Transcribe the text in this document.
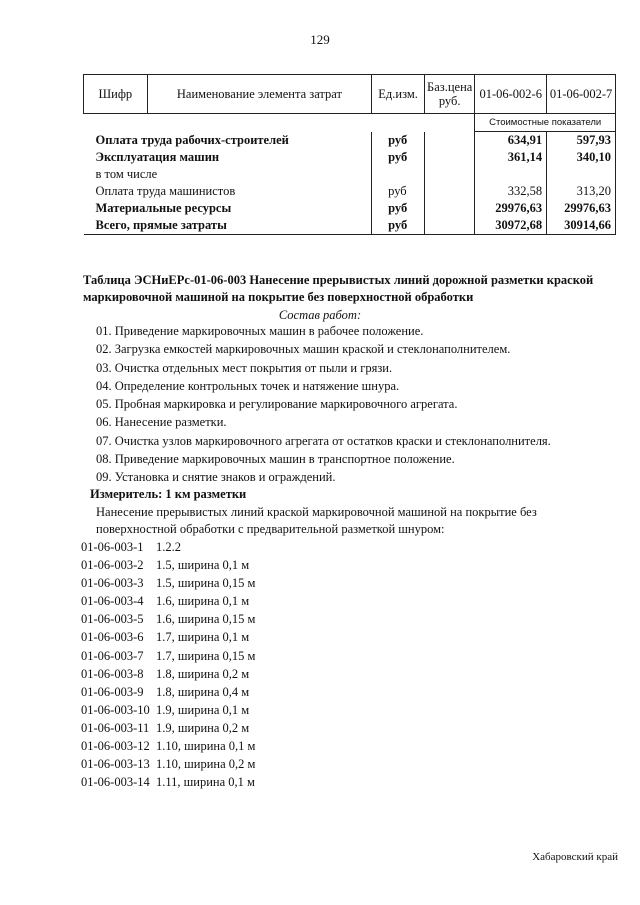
129
Шифр	Наименование элемента затрат	Ед.изм.	Баз.цена руб.	01-06-002-6	01-06-002-7
				Стоимостные показатели	
Оплата труда рабочих-строителей		руб		634,91	597,93
Эксплуатация машин		руб		361,14	340,10
в том числе					
Оплата труда машинистов		руб		332,58	313,20
Материальные ресурсы		руб		29976,63	29976,63
Всего, прямые затраты		руб		30972,68	30914,66
Таблица ЭСНиЕРс-01-06-003 Нанесение прерывистых линий дорожной разметки краской маркировочной машиной на покрытие без поверхностной обработки
Состав работ:
01. Приведение маркировочных машин в рабочее положение.
02. Загрузка емкостей маркировочных машин краской и стеклонаполнителем.
03. Очистка отдельных мест покрытия от пыли и грязи.
04. Определение контрольных точек и натяжение шнура.
05. Пробная маркировка и регулирование маркировочного агрегата.
06. Нанесение разметки.
07. Очистка узлов маркировочного агрегата от остатков краски и стеклонаполнителя.
08. Приведение маркировочных машин в транспортное положение.
09. Установка и снятие знаков и ограждений.
Измеритель: 1 км разметки
Нанесение прерывистых линий краской маркировочной машиной на покрытие без поверхностной обработки с предварительной разметкой шнуром:
01-06-003-1 1.2.2
01-06-003-2 1.5, ширина 0,1 м
01-06-003-3 1.5, ширина 0,15 м
01-06-003-4 1.6, ширина 0,1 м
01-06-003-5 1.6, ширина 0,15 м
01-06-003-6 1.7, ширина 0,1 м
01-06-003-7 1.7, ширина 0,15 м
01-06-003-8 1.8, ширина 0,2 м
01-06-003-9 1.8, ширина 0,4 м
01-06-003-10 1.9, ширина 0,1 м
01-06-003-11 1.9, ширина 0,2 м
01-06-003-12 1.10, ширина 0,1 м
01-06-003-13 1.10, ширина 0,2 м
01-06-003-14 1.11, ширина 0,1 м
Хабаровский край
